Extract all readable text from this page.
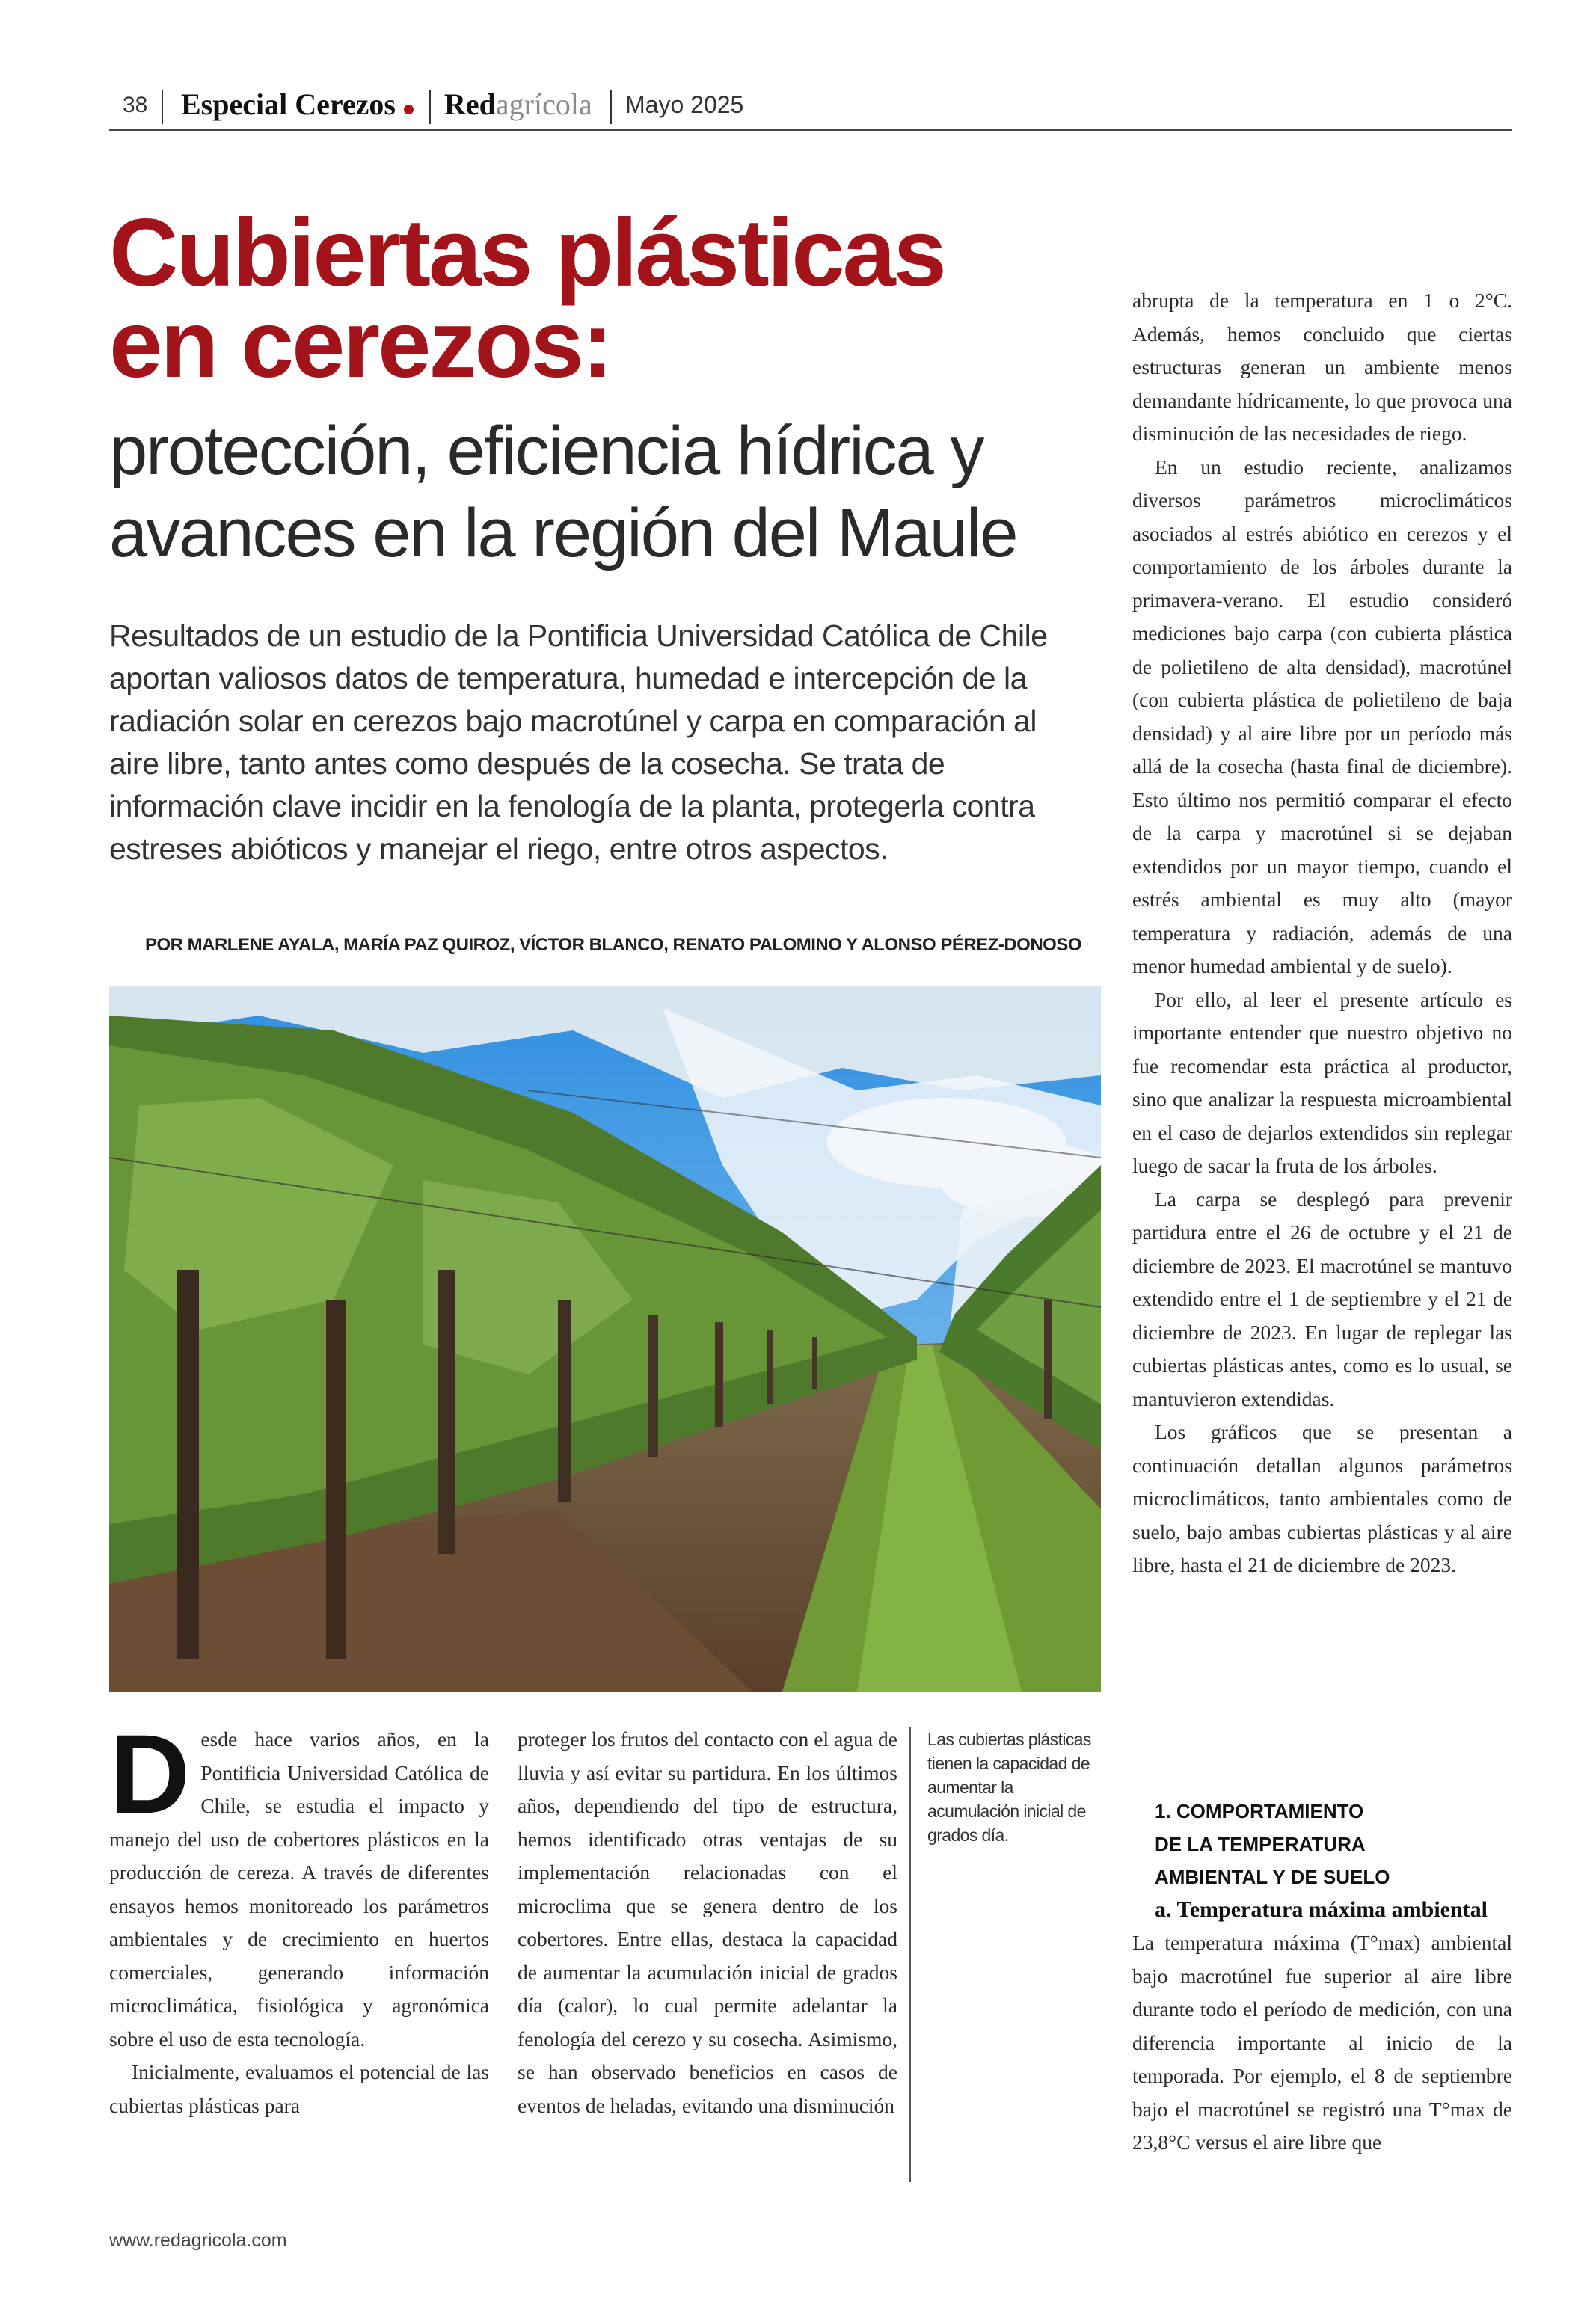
38 Especial Cerezos Redagrícola Mayo 2025
Cubiertas plásticas
en cerezos:
protección, eficiencia hídrica y
avances en la región del Maule
Resultados de un estudio de la Pontificia Universidad Católica de Chile aportan valiosos datos de temperatura, humedad e intercepción de la radiación solar en cerezos bajo macrotúnel y carpa en comparación al aire libre, tanto antes como después de la cosecha. Se trata de información clave incidir en la fenología de la planta, protegerla contra estreses abióticos y manejar el riego, entre otros aspectos.
POR MARLENE AYALA, MARÍA PAZ QUIROZ, VÍCTOR BLANCO, RENATO PALOMINO Y ALONSO PÉREZ-DONOSO
D esde hace varios años, en la Pontificia Universidad Católica de Chile, se estudia el impacto y manejo del uso de cobertores plásticos en la producción de cereza. A través de diferentes ensayos hemos monitoreado los parámetros ambientales y de crecimiento en huertos comerciales, generando información microclimática, fisiológica y agronómica sobre el uso de esta tecnología.

Inicialmente, evaluamos el potencial de las cubiertas plásticas para

proteger los frutos del contacto con el agua de lluvia y así evitar su partidura. En los últimos años, dependiendo del tipo de estructura, hemos identificado otras ventajas de su implementación relacionadas con el microclima que se genera dentro de los cobertores. Entre ellas, destaca la capacidad de aumentar la acumulación inicial de grados día (calor), lo cual permite adelantar la fenología del cerezo y su cosecha. Asimismo, se han observado beneficios en casos de eventos de heladas, evitando una disminución

Las cubiertas plásticas tienen la capacidad de aumentar la acumulación inicial de grados día.

abrupta de la temperatura en 1 o 2°C. Además, hemos concluido que ciertas estructuras generan un ambiente menos demandante hídricamente, lo que provoca una disminución de las necesidades de riego.

En un estudio reciente, analizamos diversos parámetros microclimáticos asociados al estrés abiótico en cerezos y el comportamiento de los árboles durante la primavera-verano. El estudio consideró mediciones bajo carpa (con cubierta plástica de polietileno de alta densidad), macrotúnel (con cubierta plástica de polietileno de baja densidad) y al aire libre por un período más allá de la cosecha (hasta final de diciembre). Esto último nos permitió comparar el efecto de la carpa y macrotúnel si se dejaban extendidos por un mayor tiempo, cuando el estrés ambiental es muy alto (mayor temperatura y radiación, además de una menor humedad ambiental y de suelo).

Por ello, al leer el presente artículo es importante entender que nuestro objetivo no fue recomendar esta práctica al productor, sino que analizar la respuesta microambiental en el caso de dejarlos extendidos sin replegar luego de sacar la fruta de los árboles.

La carpa se desplegó para prevenir partidura entre el 26 de octubre y el 21 de diciembre de 2023. El macrotúnel se mantuvo extendido entre el 1 de septiembre y el 21 de diciembre de 2023. En lugar de replegar las cubiertas plásticas antes, como es lo usual, se mantuvieron extendidas.

Los gráficos que se presentan a continuación detallan algunos parámetros microclimáticos, tanto ambientales como de suelo, bajo ambas cubiertas plásticas y al aire libre, hasta el 21 de diciembre de 2023.

1. COMPORTAMIENTO

DE LA TEMPERATURA

AMBIENTAL Y DE SUELO

a. Temperatura máxima ambiental

La temperatura máxima (T°max) ambiental bajo macrotúnel fue superior al aire libre durante todo el período de medición, con una diferencia importante al inicio de la temporada. Por ejemplo, el 8 de septiembre bajo el macrotúnel se registró una T°max de 23,8°C versus el aire libre que

www.redagricola.com
